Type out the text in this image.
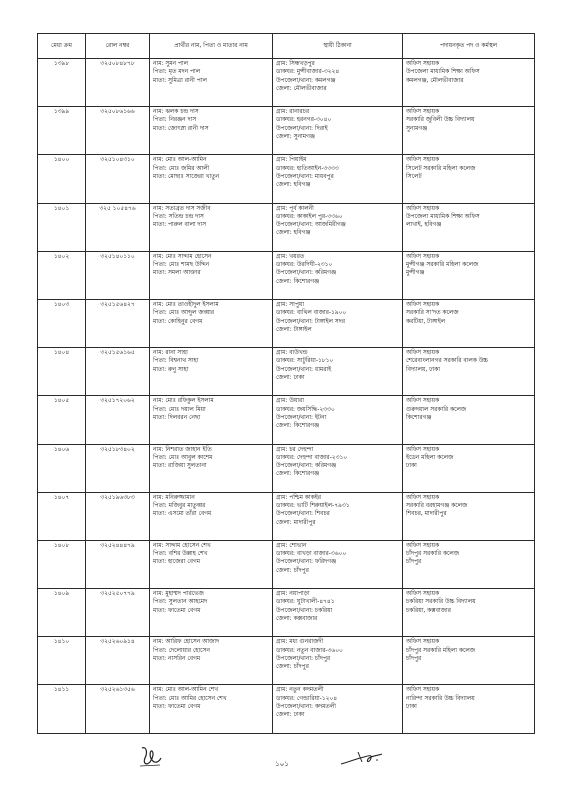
মেধা ক্রম	রোল নম্বর	প্রার্থীর নাম, পিতা ও মাতার নাম	স্থায়ী ঠিকানা	পদায়নকৃত পদ ও কর্মস্থল
১৩৯৮	৩২৫০৮৪৮৭৮	নাম: সুমন পাল
পিতা: মৃত মদন পাল
মাতা: সুমিত্রা রানী পাল	গ্রাম: সিন্ধখড়পুর
ডাকঘর: মুন্সীবাজার-৩২২৪
উপজেলা/থানা: কমলগঞ্জ
জেলা: মৌলভীবাজার	অফিস সহায়ক
উপজেলা মাধ্যমিক শিক্ষা অফিস
কমলগঞ্জ, মৌলভীবাজার

১৩৯৯	৩২৫০৮৬১৬৬	নাম: ঝলক চন্দ্র দাস
পিতা: নিরঞ্জন দাস
মাতা: জোৎস্না রানী দাস	গ্রাম: রানারচর
ডাকঘর: হরনগর-৩০৪০
উপজেলা/থানা: দিরাই
জেলা: সুনামগঞ্জ	অফিস সহায়ক
সরকারি জুবিলী উচ্চ বিদ্যালয়
সুনামগঞ্জ

১৪০০	৩২৫১০৪৩১০	নাম: মোঃ আল-আমিন
পিতা: মোঃ জমির আলী
মাতা: মোছাঃ সাজেরা খাতুন	গ্রাম: পিয়াইম
ডাকঘর: হাতিআইন-৩৩৩৩
উপজেলা/থানা: মাধবপুর
জেলা: হবিগঞ্জ	অফিস সহায়ক
সিলেট সরকারি মহিলা কলেজ
সিলেট

১৪০১	৩২৫ ১০৫৪৭৬	নাম: সত্যব্রত দাস সজীব
পিতা: সতিন্দ্র চন্দ্র দাস
মাতা: পারুল বালা দাস	গ্রাম: পূর্ব কালনী
ডাকঘর: কাকাইল পুর-৩৩৬০
উপজেলা/থানা: আজমিরীগঞ্জ
জেলা: হবিগঞ্জ	অফিস সহায়ক
উপজেলা মাধ্যমিক শিক্ষা অফিস
লাখাই, হবিগঞ্জ

১৪০২	৩২৫১৪০১১০	নাম: মোঃ সাদ্দাম হোসেন
পিতা: মোঃ শামছ উদ্দিন
মাতা: সমলা আক্তার	গ্রাম: খয়রত
ডাকঘর: উরদিঘী-২৩১০
উপজেলা/থানা: করিমগঞ্জ
জেলা: কিশোরগঞ্জ	অফিস সহায়ক
মুন্সীগঞ্জ সরকারি মহিলা কলেজ
মুন্সীগঞ্জ

১৪০৩	৩২৫১৫৬৪২৭	নাম: মোঃ তাওহীদুল ইসলাম
পিতা: মোঃ আব্দুল জব্বার
মাতা: কোহিনুর বেগম	গ্রাম: সাপুয়া
ডাকঘর: বাথিল বাজার-১৯০০
উপজেলা/থানা: টাঙ্গাইল সদর
জেলা: টাঙ্গাইল	অফিস সহায়ক
সরকারি সা'দত কলেজ
করটিয়া, টাঙ্গাইল

১৪০৪	৩২৫১৫৬১৬৫	নাম: রানা সাহা
পিতা: বিশ্বনাথ সাহা
মাতা: রুনু সাহা	গ্রাম: বাউখন্ড
ডাকঘর: সাটুরিয়া-১৮১০
উপজেলা/থানা: ধামরাই
জেলা: ঢাকা	অফিস সহায়ক
শেরেবাংলানগর সরকারি বালক উচ্চ
বিদ্যালয়, ঢাকা

১৪০৫	৩২৫১৭২০৬২	নাম: মোঃ রফিকুল ইসলাম
পিতা: মোঃ দয়াল মিয়া
মাতা: দিলবরন নেছা	গ্রাম: উয়ারা
ডাকঘর: জয়সিদ্ধি-২৩৩০
উপজেলা/থানা: ইটনা
জেলা: কিশোরগঞ্জ	অফিস সহায়ক
গুরুদয়াল সরকারি কলেজ
কিশোরগঞ্জ

১৪০৬	৩২৫১৮৩৪০২	নাম: নিশরাত জাহান ইতি
পিতা: মোঃ আবুল কাশেম
মাতা: রাজিয়া সুলতানা	গ্রাম: চর দেহুন্দা
ডাকঘর: দেহুন্দা বাজার-২৩১০
উপজেলা/থানা: করিমগঞ্জ
জেলা: কিশোরগঞ্জ	অফিস সহায়ক
ইডেন মহিলা কলেজ
ঢাকা

১৪০৭	৩২৫১৯৬৩৮৩	নাম: মনিরুজ্জামান
পিতা: মজিবুর মাতুব্বর
মাতা: এসমো তাঁরা বেগম	গ্রাম: পশ্চিম কাকইর
ডাকঘর: ভাটি শিরুয়াইল-৭৯৩১
উপজেলা/থানা: শিবচর
জেলা: মাদারীপুর	অফিস সহায়ক
সরকারি বরহামগঞ্জ কলেজ
শিবচর, মাদারীপুর

১৪০৮	৩২৫২৪৪৪৭৯	নাম: সাদ্দাম হোসেন শেখ
পিতা: বশির উল্লাহ শেখ
মাতা: হাজেরা বেগম	গ্রাম: শোভান
ডাকঘর: বাখড়া বাজার-৩৬০০
উপজেলা/থানা: ফরিদগঞ্জ
জেলা: চাঁদপুর	অফিস সহায়ক
চাঁদপুর সরকারি কলেজ
চাঁদপুর

১৪০৯	৩২৫২৫০৭৭৯	নাম: মুহাম্মদ পারভেজ
পিতা: সুলতান আহমেদ
মাতা: ফাতেমা বেগম	গ্রাম: নয়াপাড়া
ডাকঘর: ঘুটাখালী-৪৭৪১
উপজেলা/থানা: চকরিয়া
জেলা: কক্সবাজার	অফিস সহায়ক
চকরিয়া সরকারি উচ্চ বিদ্যালয়
চকরিয়া, কক্সবাজার

১৪১০	৩২৫২৬০৯১৪	নাম: আরিফ হোসেন আজাদ
পিতা: দেলোয়ার হোসেন
মাতা: নাসরিন বেগম	গ্রাম: মধ্য গুনরাজদী
ডাকঘর: নতুন বাজার-৩৬০০
উপজেলা/থানা: চাঁদপুর
জেলা: চাঁদপুর	অফিস সহায়ক
চাঁদপুর সরকারি মহিলা কলেজ
চাঁদপুর

১৪১১	৩২৫২৬১৩৫৬	নাম: মোঃ আল-আমিন শেখ
পিতা: মোঃ আমির হোসেন শেখ
মাতা: ফাতেমা বেগম	গ্রাম: নতুন কদমতলী
ডাকঘর: গেন্ডারিয়া-১২০৪
উপজেলা/থানা: কদমতলী
জেলা: ঢাকা	অফিস সহায়ক
নারিন্দা সরকারি উচ্চ বিদ্যালয়
ঢাকা
১০১
